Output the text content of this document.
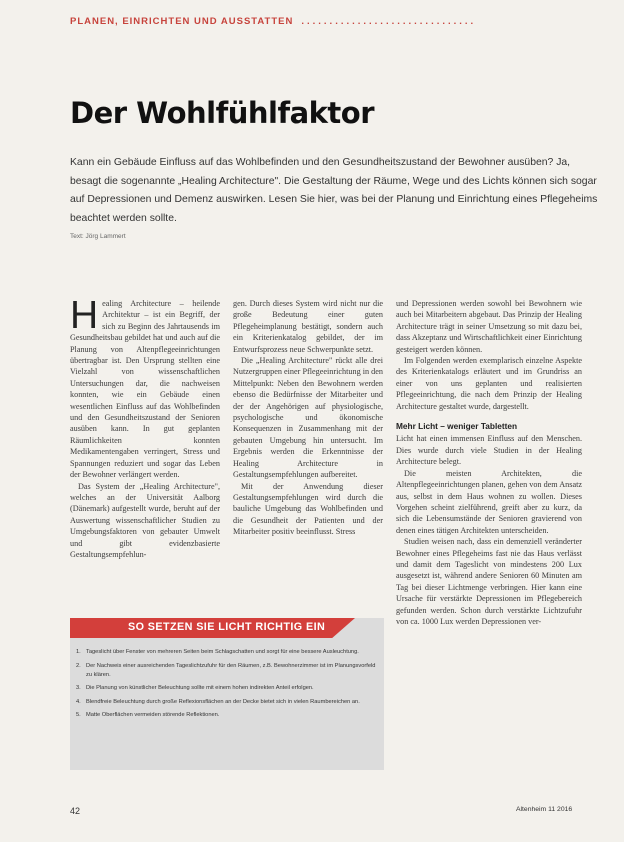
PLANEN, EINRICHTEN UND AUSSTATTEN ...............................
Der Wohlfühlfaktor
Kann ein Gebäude Einfluss auf das Wohlbefinden und den Gesundheitszustand der Bewohner ausüben? Ja, besagt die sogenannte „Healing Architecture". Die Gestaltung der Räume, Wege und des Lichts können sich sogar auf Depressionen und Demenz auswirken. Lesen Sie hier, was bei der Planung und Einrichtung eines Pflegeheims beachtet werden sollte.
Text: Jörg Lammert

Healing Architecture – heilende Architektur – ist ein Begriff, der sich zu Beginn des Jahrtausends im Gesundheitsbau gebildet hat und auch auf die Planung von Altenpflegeeinrichtungen übertragbar ist. Den Ursprung stellten eine Vielzahl von wissenschaftlichen Untersuchungen dar, die nachweisen konnten, wie ein Gebäude einen wesentlichen Einfluss auf das Wohlbefinden und den Gesundheitszustand der Senioren ausüben kann. In gut geplanten Räumlichkeiten konnten Medikamentengaben verringert, Stress und Spannungen reduziert und sogar das Leben der Bewohner verlängert werden.

Das System der „Healing Architecture", welches an der Universität Aalborg (Dänemark) aufgestellt wurde, beruht auf der Auswertung wissenschaftlicher Studien zu Umgebungsfaktoren von gebauter Umwelt und gibt evidenzbasierte Gestaltungsempfehlun-

gen. Durch dieses System wird nicht nur die große Bedeutung einer guten Pflegeheimplanung bestätigt, sondern auch ein Kriterienkatalog gebildet, der im Entwurfsprozess neue Schwerpunkte setzt.

Die „Healing Architecture" rückt alle drei Nutzergruppen einer Pflegeeinrichtung in den Mittelpunkt: Neben den Bewohnern werden ebenso die Bedürfnisse der Mitarbeiter und der der Angehörigen auf physiologische, psychologische und ökonomische Konsequenzen in Zusammenhang mit der gebauten Umgebung hin untersucht. Im Ergebnis werden die Erkenntnisse der Healing Architecture in Gestaltungsempfehlungen aufbereitet.

Mit der Anwendung dieser Gestaltungsempfehlungen wird durch die bauliche Umgebung das Wohlbefinden und die Gesundheit der Patienten und der Mitarbeiter positiv beeinflusst. Stress

und Depressionen werden sowohl bei Bewohnern wie auch bei Mitarbeitern abgebaut. Das Prinzip der Healing Architecture trägt in seiner Umsetzung so mit dazu bei, dass Akzeptanz und Wirtschaftlichkeit einer Einrichtung gesteigert werden können.

Im Folgenden werden exemplarisch einzelne Aspekte des Kriterienkatalogs erläutert und im Grundriss an einer von uns geplanten und realisierten Pflegeeinrichtung, die nach dem Prinzip der Healing Architecture gestaltet wurde, dargestellt.

Mehr Licht – weniger Tabletten

Licht hat einen immensen Einfluss auf den Menschen. Dies wurde durch viele Studien in der Healing Architecture belegt.

Die meisten Architekten, die Altenpflegeeinrichtungen planen, gehen von dem Ansatz aus, selbst in dem Haus wohnen zu wollen. Dieses Vorgehen scheint zielführend, greift aber zu kurz, da sich die Lebensumstände der Senioren gravierend von denen eines tätigen Architekten unterscheiden.

Studien weisen nach, dass ein demenziell veränderter Bewohner eines Pflegeheims fast nie das Haus verlässt und damit dem Tageslicht von mindestens 200 Lux ausgesetzt ist, während andere Senioren 60 Minuten am Tag bei dieser Lichtmenge verbringen. Hier kann eine Ursache für verstärkte Depressionen im Pflegebereich gefunden werden. Schon durch verstärkte Lichtzufuhr von ca. 1000 Lux werden Depressionen ver-

SO SETZEN SIE LICHT RICHTIG EIN
1. Tageslicht über Fenster von mehreren Seiten beim Schlagschatten und sorgt für eine bessere Ausleuchtung.
2. Der Nachweis einer ausreichenden Tageslichtzufuhr für den Räumen, z.B. Bewohnerzimmer ist im Planungsvorfeld zu klären.
3. Die Planung von künstlicher Beleuchtung sollte mit einem hohen indirekten Anteil erfolgen.
4. Blendfreie Beleuchtung durch große Reflexionsflächen an der Decke bietet sich in vielen Raumbereichen an.
5. Matte Oberflächen vermeiden störende Reflektionen.
42	Altenheim 11 2016
